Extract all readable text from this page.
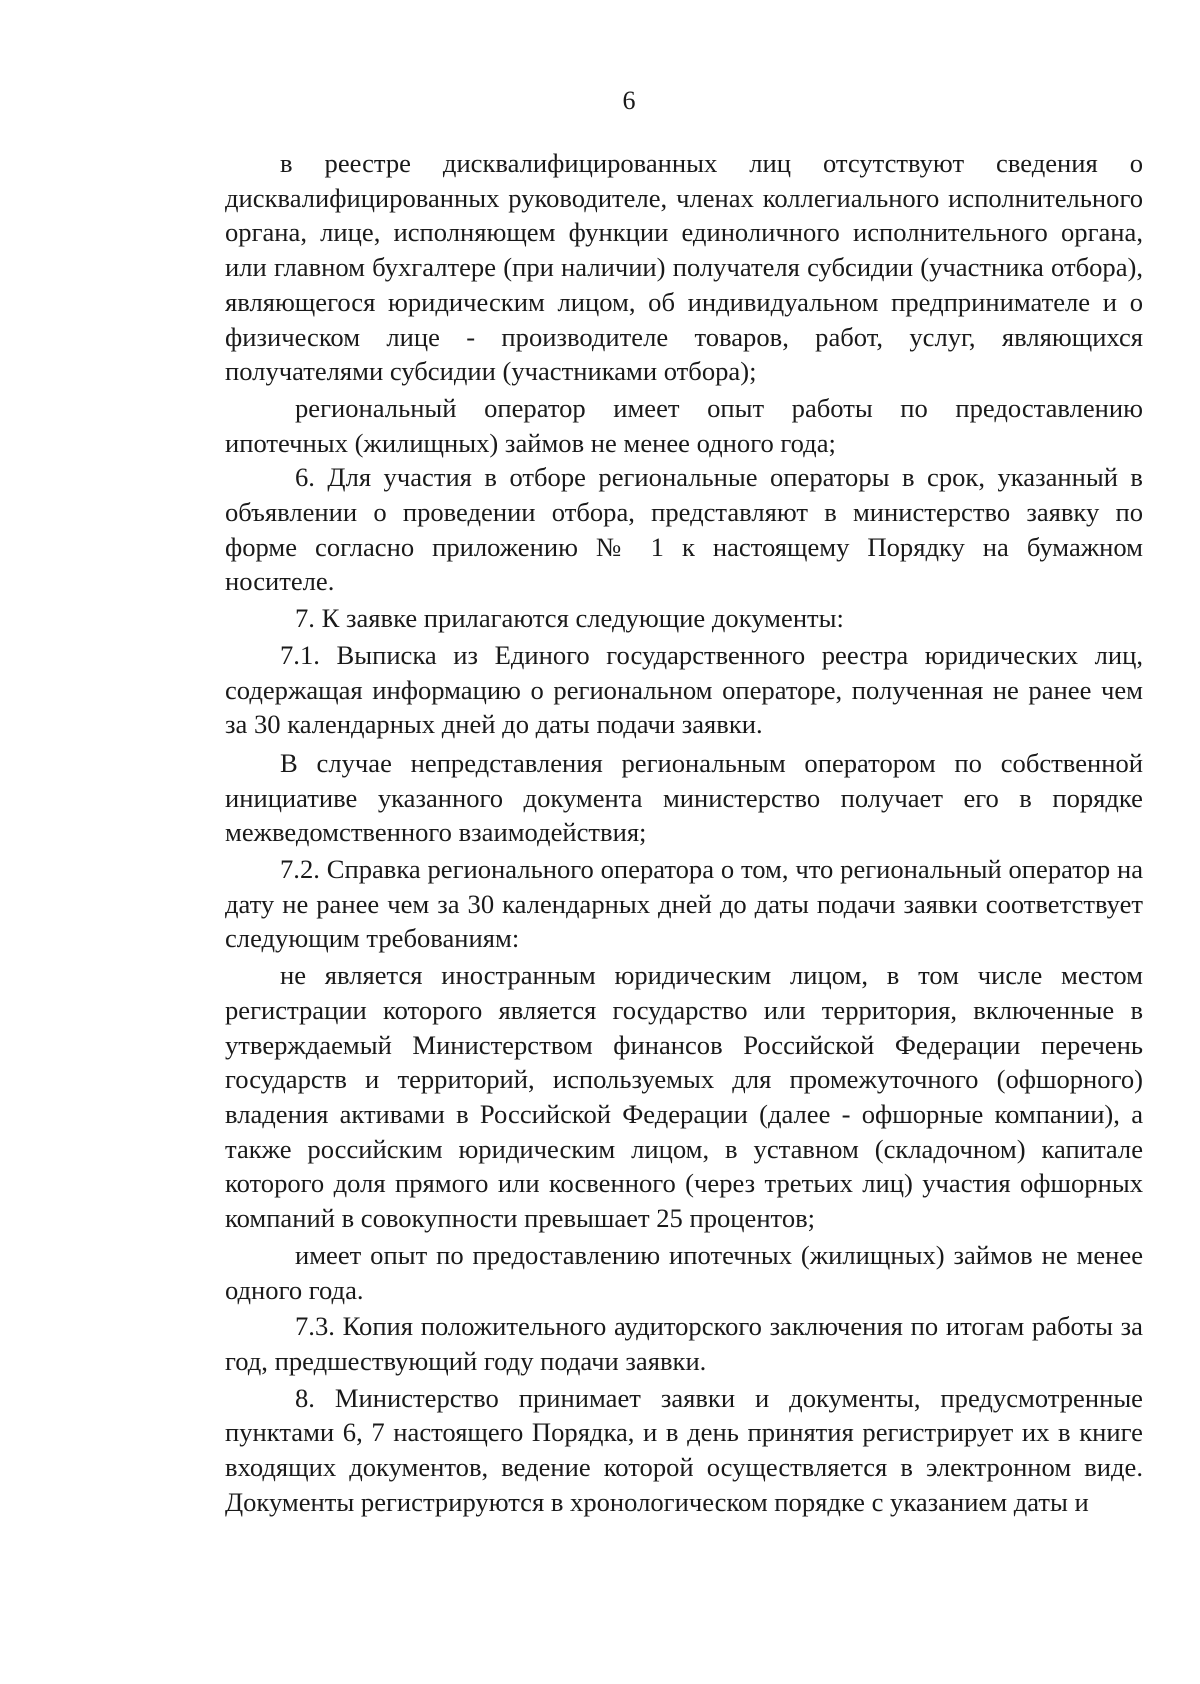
6

в реестре дисквалифицированных лиц отсутствуют сведения о дисквалифицированных руководителе, членах коллегиального исполнительного органа, лице, исполняющем функции единоличного исполнительного органа, или главном бухгалтере (при наличии) получателя субсидии (участника отбора), являющегося юридическим лицом, об индивидуальном предпринимателе и о физическом лице - производителе товаров, работ, услуг, являющихся получателями субсидии (участниками отбора);

региональный оператор имеет опыт работы по предоставлению ипотечных (жилищных) займов не менее одного года;

6. Для участия в отборе региональные операторы в срок, указанный в объявлении о проведении отбора, представляют в министерство заявку по форме согласно приложению № 1 к настоящему Порядку на бумажном носителе.

7. К заявке прилагаются следующие документы:

7.1. Выписка из Единого государственного реестра юридических лиц, содержащая информацию о региональном операторе, полученная не ранее чем за 30 календарных дней до даты подачи заявки.

В случае непредставления региональным оператором по собственной инициативе указанного документа министерство получает его в порядке межведомственного взаимодействия;

7.2. Справка регионального оператора о том, что региональный оператор на дату не ранее чем за 30 календарных дней до даты подачи заявки соответствует следующим требованиям:

не является иностранным юридическим лицом, в том числе местом регистрации которого является государство или территория, включенные в утверждаемый Министерством финансов Российской Федерации перечень государств и территорий, используемых для промежуточного (офшорного) владения активами в Российской Федерации (далее - офшорные компании), а также российским юридическим лицом, в уставном (складочном) капитале которого доля прямого или косвенного (через третьих лиц) участия офшорных компаний в совокупности превышает 25 процентов;

имеет опыт по предоставлению ипотечных (жилищных) займов не менее одного года.

7.3. Копия положительного аудиторского заключения по итогам работы за год, предшествующий году подачи заявки.

8. Министерство принимает заявки и документы, предусмотренные пунктами 6, 7 настоящего Порядка, и в день принятия регистрирует их в книге входящих документов, ведение которой осуществляется в электронном виде. Документы регистрируются в хронологическом порядке с указанием даты и
